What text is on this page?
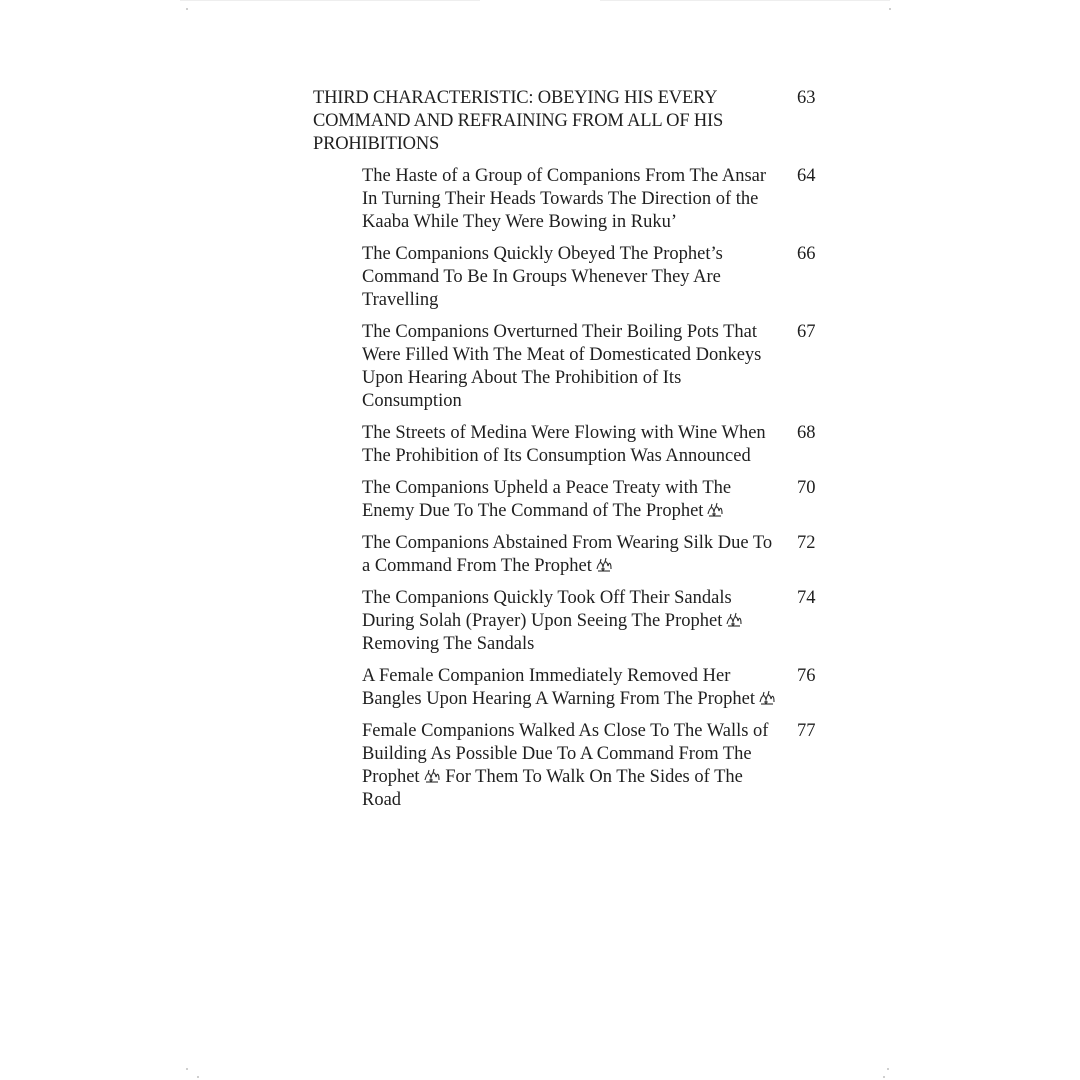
THIRD CHARACTERISTIC: OBEYING HIS EVERY COMMAND AND REFRAINING FROM ALL OF HIS PROHIBITIONS
63
The Haste of a Group of Companions From The Ansar In Turning Their Heads Towards The Direction of the Kaaba While They Were Bowing in Ruku’
64
The Companions Quickly Obeyed The Prophet’s Command To Be In Groups Whenever They Are Travelling
66
The Companions Overturned Their Boiling Pots That Were Filled With The Meat of Domesticated Donkeys Upon Hearing About The Prohibition of Its Consumption
67
The Streets of Medina Were Flowing with Wine When The Prohibition of Its Consumption Was Announced
68
The Companions Upheld a Peace Treaty with The Enemy Due To The Command of The Prophet
70
The Companions Abstained From Wearing Silk Due To a Command From The Prophet
72
The Companions Quickly Took Off Their Sandals During Solah (Prayer) Upon Seeing The Prophet Removing The Sandals
74
A Female Companion Immediately Removed Her Bangles Upon Hearing A Warning From The Prophet
76
Female Companions Walked As Close To The Walls of Building As Possible Due To A Command From The Prophet For Them To Walk On The Sides of The Road
77
